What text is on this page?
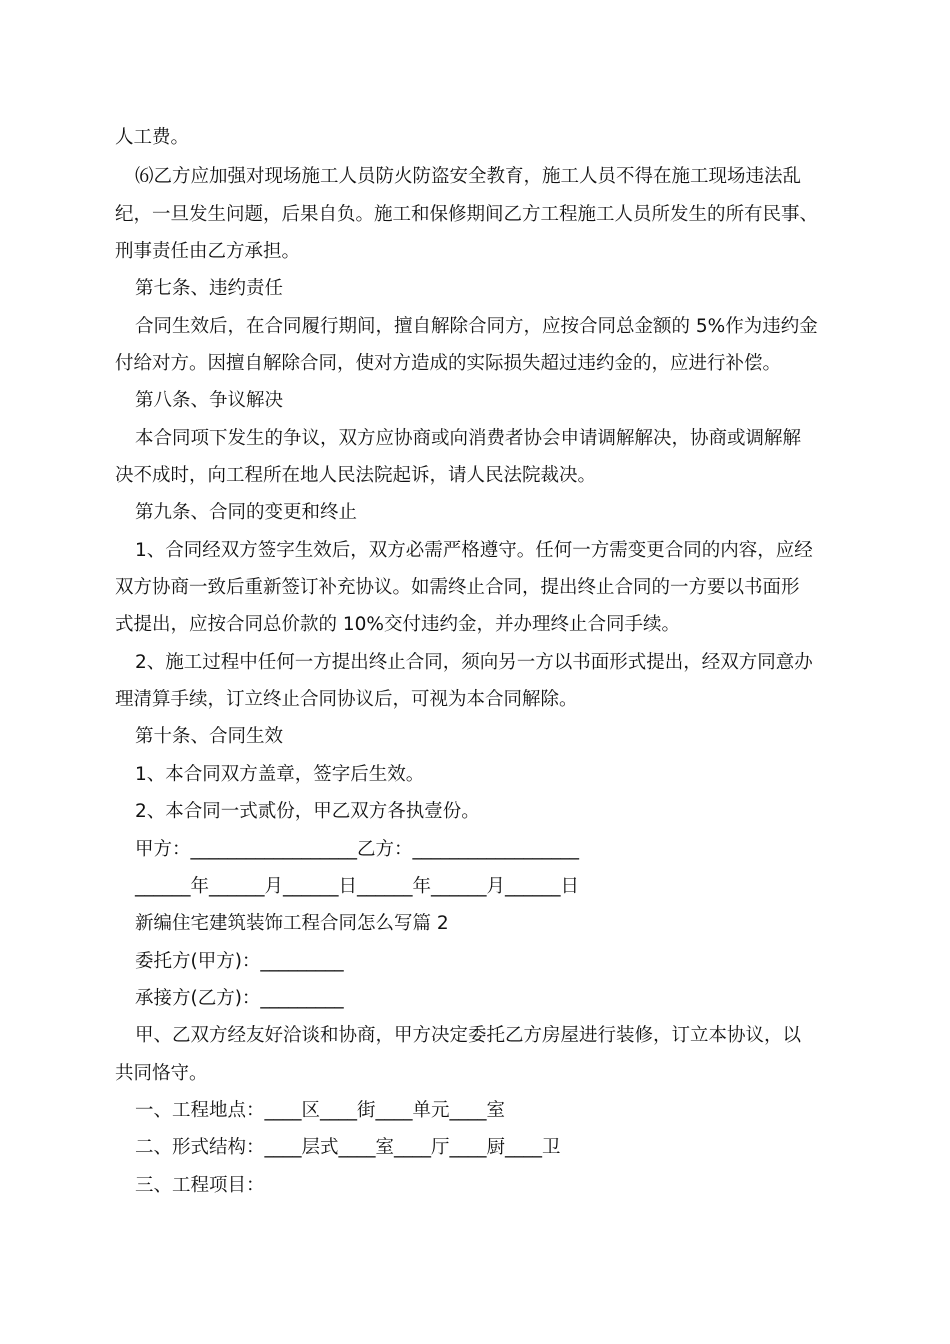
人工费。
⑹乙方应加强对现场施工人员防火防盗安全教育，施工人员不得在施工现场违法乱
纪，一旦发生问题，后果自负。施工和保修期间乙方工程施工人员所发生的所有民事、
刑事责任由乙方承担。
第七条、违约责任
合同生效后，在合同履行期间，擅自解除合同方，应按合同总金额的 5%作为违约金
付给对方。因擅自解除合同，使对方造成的实际损失超过违约金的，应进行补偿。
第八条、争议解决
本合同项下发生的争议，双方应协商或向消费者协会申请调解解决，协商或调解解
决不成时，向工程所在地人民法院起诉，请人民法院裁决。
第九条、合同的变更和终止
1、合同经双方签字生效后，双方必需严格遵守。任何一方需变更合同的内容，应经
双方协商一致后重新签订补充协议。如需终止合同，提出终止合同的一方要以书面形
式提出，应按合同总价款的 10%交付违约金，并办理终止合同手续。
2、施工过程中任何一方提出终止合同，须向另一方以书面形式提出，经双方同意办
理清算手续，订立终止合同协议后，可视为本合同解除。
第十条、合同生效
1、本合同双方盖章，签字后生效。
2、本合同一式贰份，甲乙双方各执壹份。
甲方：__________________乙方：__________________
______年______月______日______年______月______日
新编住宅建筑装饰工程合同怎么写篇 2
委托方(甲方)：_________
承接方(乙方)：_________
甲、乙双方经友好洽谈和协商，甲方决定委托乙方房屋进行装修，订立本协议，以
共同恪守。
一、工程地点：____区____街____单元____室
二、形式结构：____层式____室____厅____厨____卫
三、工程项目：
